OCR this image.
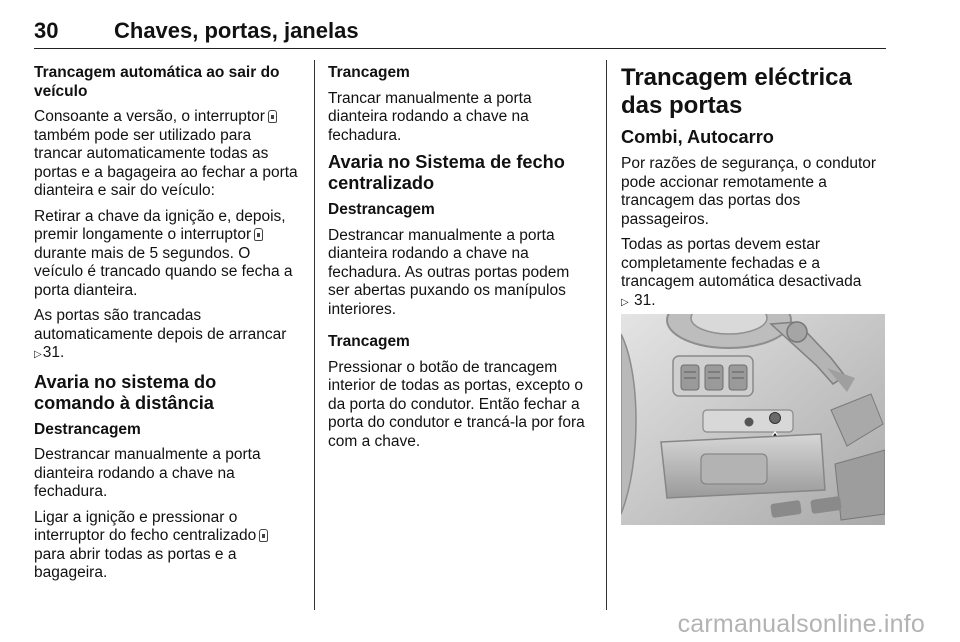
30	Chaves, portas, janelas

Trancagem automática ao sair do veículo

Consoante a versão, o interruptor também pode ser utilizado para trancar automaticamente todas as portas e a bagageira ao fechar a porta dianteira e sair do veículo:

Retirar a chave da ignição e, depois, premir longamente o interruptor durante mais de 5 segundos. O veículo é trancado quando se fecha a porta dianteira.

As portas são trancadas automaticamente depois de arrancar ▷31.

Avaria no sistema do comando à distância

Destrancagem

Destrancar manualmente a porta dianteira rodando a chave na fechadura.

Ligar a ignição e pressionar o interruptor do fecho centralizado para abrir todas as portas e a bagageira.

Trancagem

Trancar manualmente a porta dianteira rodando a chave na fechadura.

Avaria no Sistema de fecho centralizado

Destrancagem

Destrancar manualmente a porta dianteira rodando a chave na fechadura. As outras portas podem ser abertas puxando os manípulos interiores.

Trancagem

Pressionar o botão de trancagem interior de todas as portas, excepto o da porta do condutor. Então fechar a porta do condutor e trancá-la por fora com a chave.

Trancagem eléctrica das portas

Combi, Autocarro

Por razões de segurança, o condutor pode accionar remotamente a trancagem das portas dos passageiros.

Todas as portas devem estar completamente fechadas e a trancagem automática desactivada
▷ 31.

carmanualsonline.info
